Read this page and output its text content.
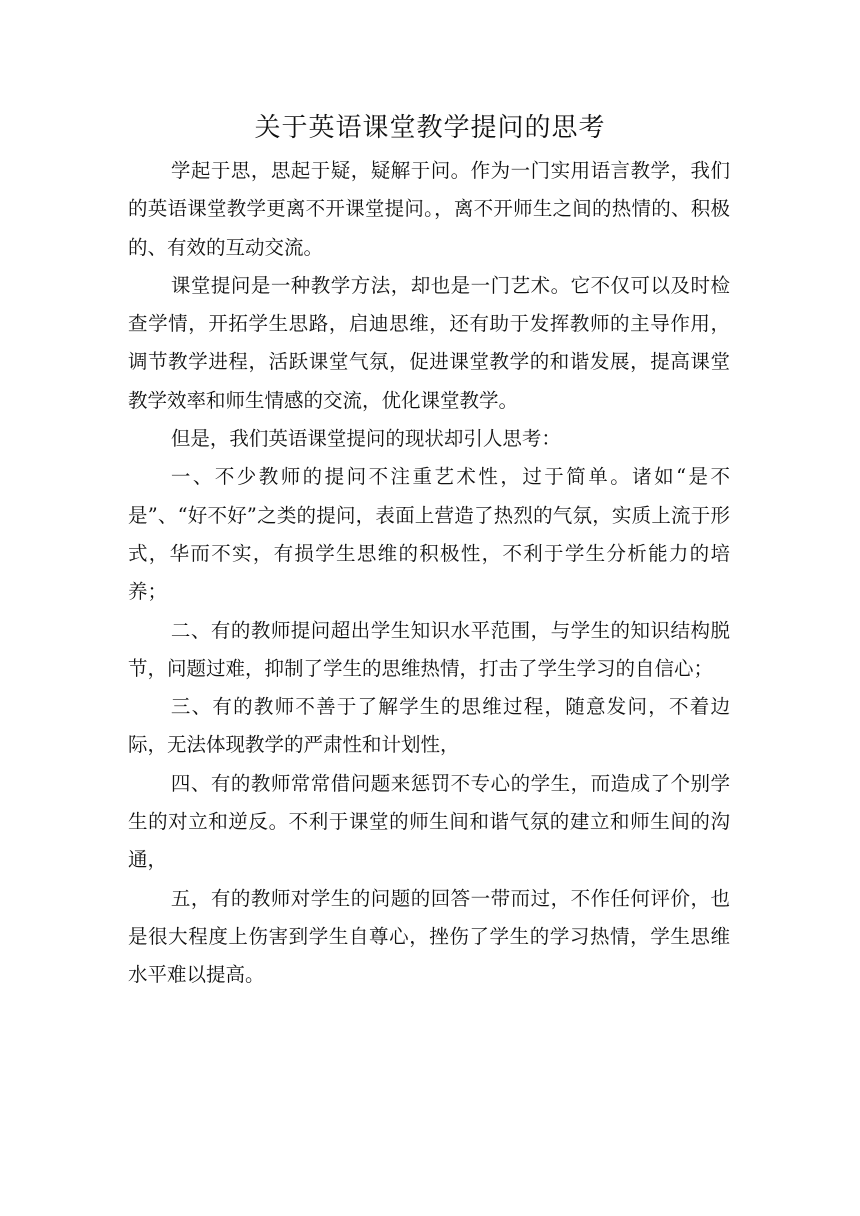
关于英语课堂教学提问的思考

学起于思，思起于疑，疑解于问。作为一门实用语言教学，我们的英语课堂教学更离不开课堂提问。，离不开师生之间的热情的、积极的、有效的互动交流。

课堂提问是一种教学方法，却也是一门艺术。它不仅可以及时检查学情，开拓学生思路，启迪思维，还有助于发挥教师的主导作用，调节教学进程，活跃课堂气氛，促进课堂教学的和谐发展，提高课堂教学效率和师生情感的交流，优化课堂教学。

但是，我们英语课堂提问的现状却引人思考：

一、不少教师的提问不注重艺术性，过于简单。诸如“是不是”、“好不好”之类的提问，表面上营造了热烈的气氛，实质上流于形式，华而不实，有损学生思维的积极性，不利于学生分析能力的培养；

二、有的教师提问超出学生知识水平范围，与学生的知识结构脱节，问题过难，抑制了学生的思维热情，打击了学生学习的自信心；

三、有的教师不善于了解学生的思维过程，随意发问，不着边际，无法体现教学的严肃性和计划性，

四、有的教师常常借问题来惩罚不专心的学生，而造成了个别学生的对立和逆反。不利于课堂的师生间和谐气氛的建立和师生间的沟通，

五，有的教师对学生的问题的回答一带而过，不作任何评价，也是很大程度上伤害到学生自尊心，挫伤了学生的学习热情，学生思维水平难以提高。
